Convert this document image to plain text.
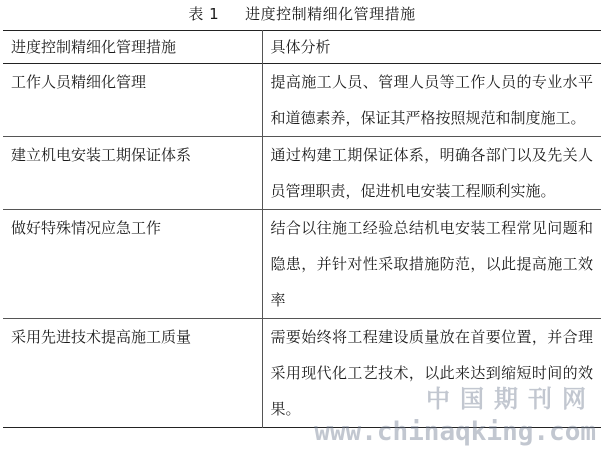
表 1 进度控制精细化管理措施
进度控制精细化管理措施	具体分析
工作人员精细化管理	提高施工人员、管理人员等工作人员的专业水平和道德素养，保证其严格按照规范和制度施工。
建立机电安装工期保证体系	通过构建工期保证体系，明确各部门以及先关人员管理职责，促进机电安装工程顺利实施。
做好特殊情况应急工作	结合以往施工经验总结机电安装工程常见问题和隐患，并针对性采取措施防范，以此提高施工效率
采用先进技术提高施工质量	需要始终将工程建设质量放在首要位置，并合理采用现代化工艺技术，以此来达到缩短时间的效果。	中国期刊网
www.chinaqking.com
